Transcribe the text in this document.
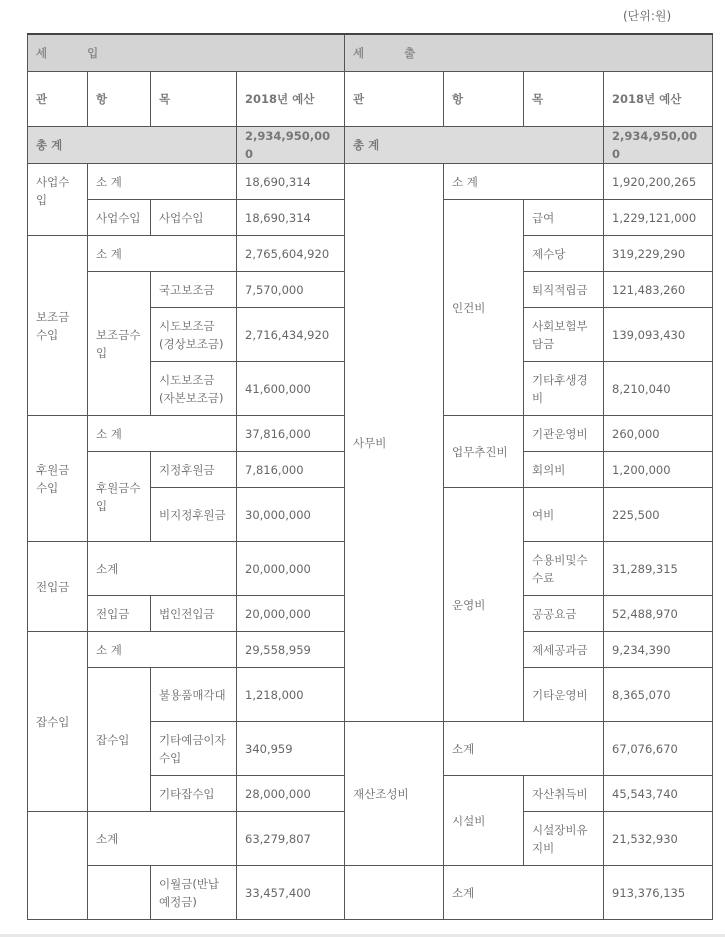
(단위:원)
세 입				세 출			
관	항	목	2018년 예산	관	항	목	2018년 예산
총 계			2,934,950,000	총 계			2,934,950,000
사업수입	소 계		18,690,314	사무비	소 계		1,920,200,265
	사업수입	사업수입	18,690,314		인건비	급여	1,229,121,000
보조금수입	소 계		2,765,604,920			제수당	319,229,290
	보조금수입	국고보조금	7,570,000			퇴직적립금	121,483,260
		시도보조금(경상보조금)	2,716,434,920			사회보험부담금	139,093,430
		시도보조금(자본보조금)	41,600,000			기타후생경비	8,210,040
후원금수입	소 계		37,816,000		업무추진비	기관운영비	260,000
	후원금수입	지정후원금	7,816,000			회의비	1,200,000
		비지정후원금	30,000,000		운영비	여비	225,500
전입금	소계		20,000,000			수용비및수수료	31,289,315
	전입금	법인전입금	20,000,000			공공요금	52,488,970
잡수입	소 계		29,558,959			제세공과금	9,234,390
	잡수입	불용품매각대	1,218,000			기타운영비	8,365,070
		기타예금이자수입	340,959	재산조성비	소계		67,076,670
		기타잡수입	28,000,000		시설비	자산취득비	45,543,740
	소계		63,279,807			시설장비유지비	21,532,930
		이월금(반납예정금)	33,457,400		소계		913,376,135
